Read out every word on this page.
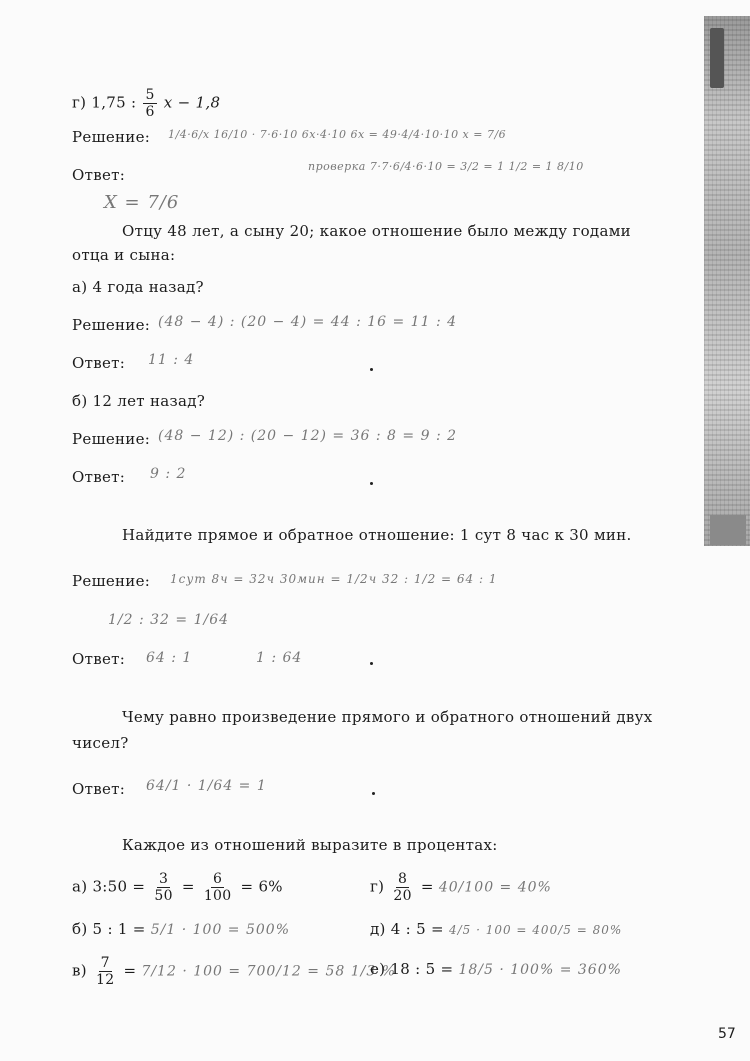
г) 1,75 : $\frac{5}{6}$ x − 1,8
Решение: 1/4·6/x 16/10 · 7·6·10 6x·4·10 6x = 49·4/4·10·10 x = 7/6
проверка 7·7·6/4·6·10 = 3/2 = 1 1/2 = 1 8/10
Ответ:
X = 7/6
Отцу 48 лет, а сыну 20; какое отношение было между годами
отца и сына:
а) 4 года назад?
Решение: (48 − 4) : (20 − 4) = 44 : 16 = 11 : 4
Ответ: 11 : 4
б) 12 лет назад?
Решение: (48 − 12) : (20 − 12) = 36 : 8 = 9 : 2
Ответ: 9 : 2
Найдите прямое и обратное отношение: 1 сут 8 час к 30 мин.
Решение: 1сут 8ч = 32ч 30мин = 1/2ч 32 : 1/2 = 64 : 1
1/2 : 32 = 1/64
Ответ: 64 : 1	1 : 64
Чему равно произведение прямого и обратного отношений двух
чисел?
Ответ: 64/1 · 1/64 = 1
Каждое из отношений выразите в процентах:
а) 3:50 = $\frac{3}{50} = \frac{6}{100} = 6\%$
б) 5 : 1 = 5/1 · 100 = 500%
$в) \frac{7}{12} = 7/12 \cdot 100 = 700/12 = 58$ 1/3 %
$г) \frac{8}{20} = 40/100 = 40\%$
д) 4 : 5 = 4/5 · 100 = 400/5 = 80%
е) 18 : 5 = 18/5 · 100% = 360%
57
